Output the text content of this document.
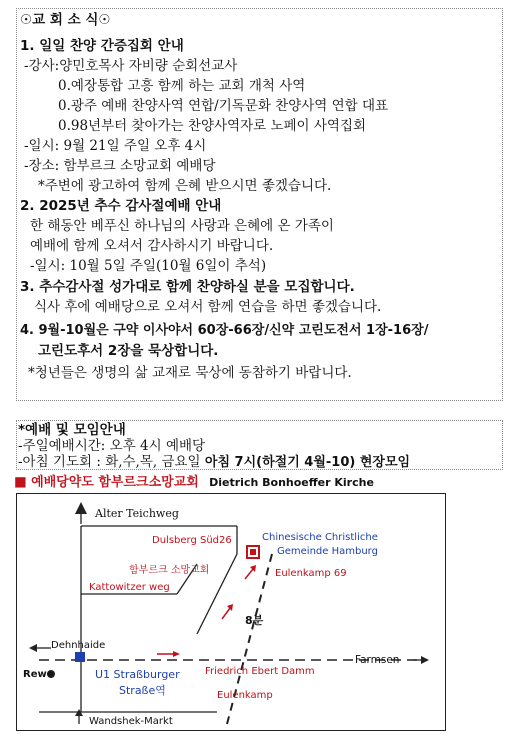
☉교 회 소 식☉
1. 일일 찬양 간증집회 안내
-강사:양민호목사 자비량 순회선교사
0.예장통합 고흥 함께 하는 교회 개척 사역
0.광주 예배 찬양사역 연합/기독문화 찬양사역 연합 대표
0.98년부터 찾아가는 찬양사역자로 노페이 사역집회
-일시: 9월 21일 주일 오후 4시
-장소: 함부르크 소망교회 예배당
*주변에 광고하여 함께 은혜 받으시면 좋겠습니다.
2. 2025년 추수 감사절예배 안내
한 해동안 베푸신 하나님의 사랑과 은혜에 온 가족이
예배에 함께 오셔서 감사하시기 바랍니다.
-일시: 10월 5일 주일(10월 6일이 추석)
3. 추수감사절 성가대로 함께 찬양하실 분을 모집합니다.
식사 후에 예배당으로 오셔서 함께 연습을 하면 좋겠습니다.
4. 9월-10월은 구약 이사야서 60장-66장/신약 고린도전서 1장-16장/
고린도후서 2장을 묵상합니다.
*청년들은 생명의 삶 교재로 묵상에 동참하기 바랍니다.
*예배 및 모임안내
-주일예배시간: 오후 4시 예배당
-아침 기도회 : 화,수,목, 금요일 아침 7시(하절기 4월-10) 현장모임
■ 예배당약도 함부르크소망교회 Dietrich Bonhoeffer Kirche
Alter Teichweg
Dulsberg Süd26	Chinesische Christliche
Gemeinde Hamburg
함부르크 소망교회	Eulenkamp 69
Kattowitzer weg
8분
Dehnhaide
Rewe	U1 Straßburger
Straße역
Friedrich Ebert Damm
Farmsen
Eulenkamp
Wandshek-Markt
